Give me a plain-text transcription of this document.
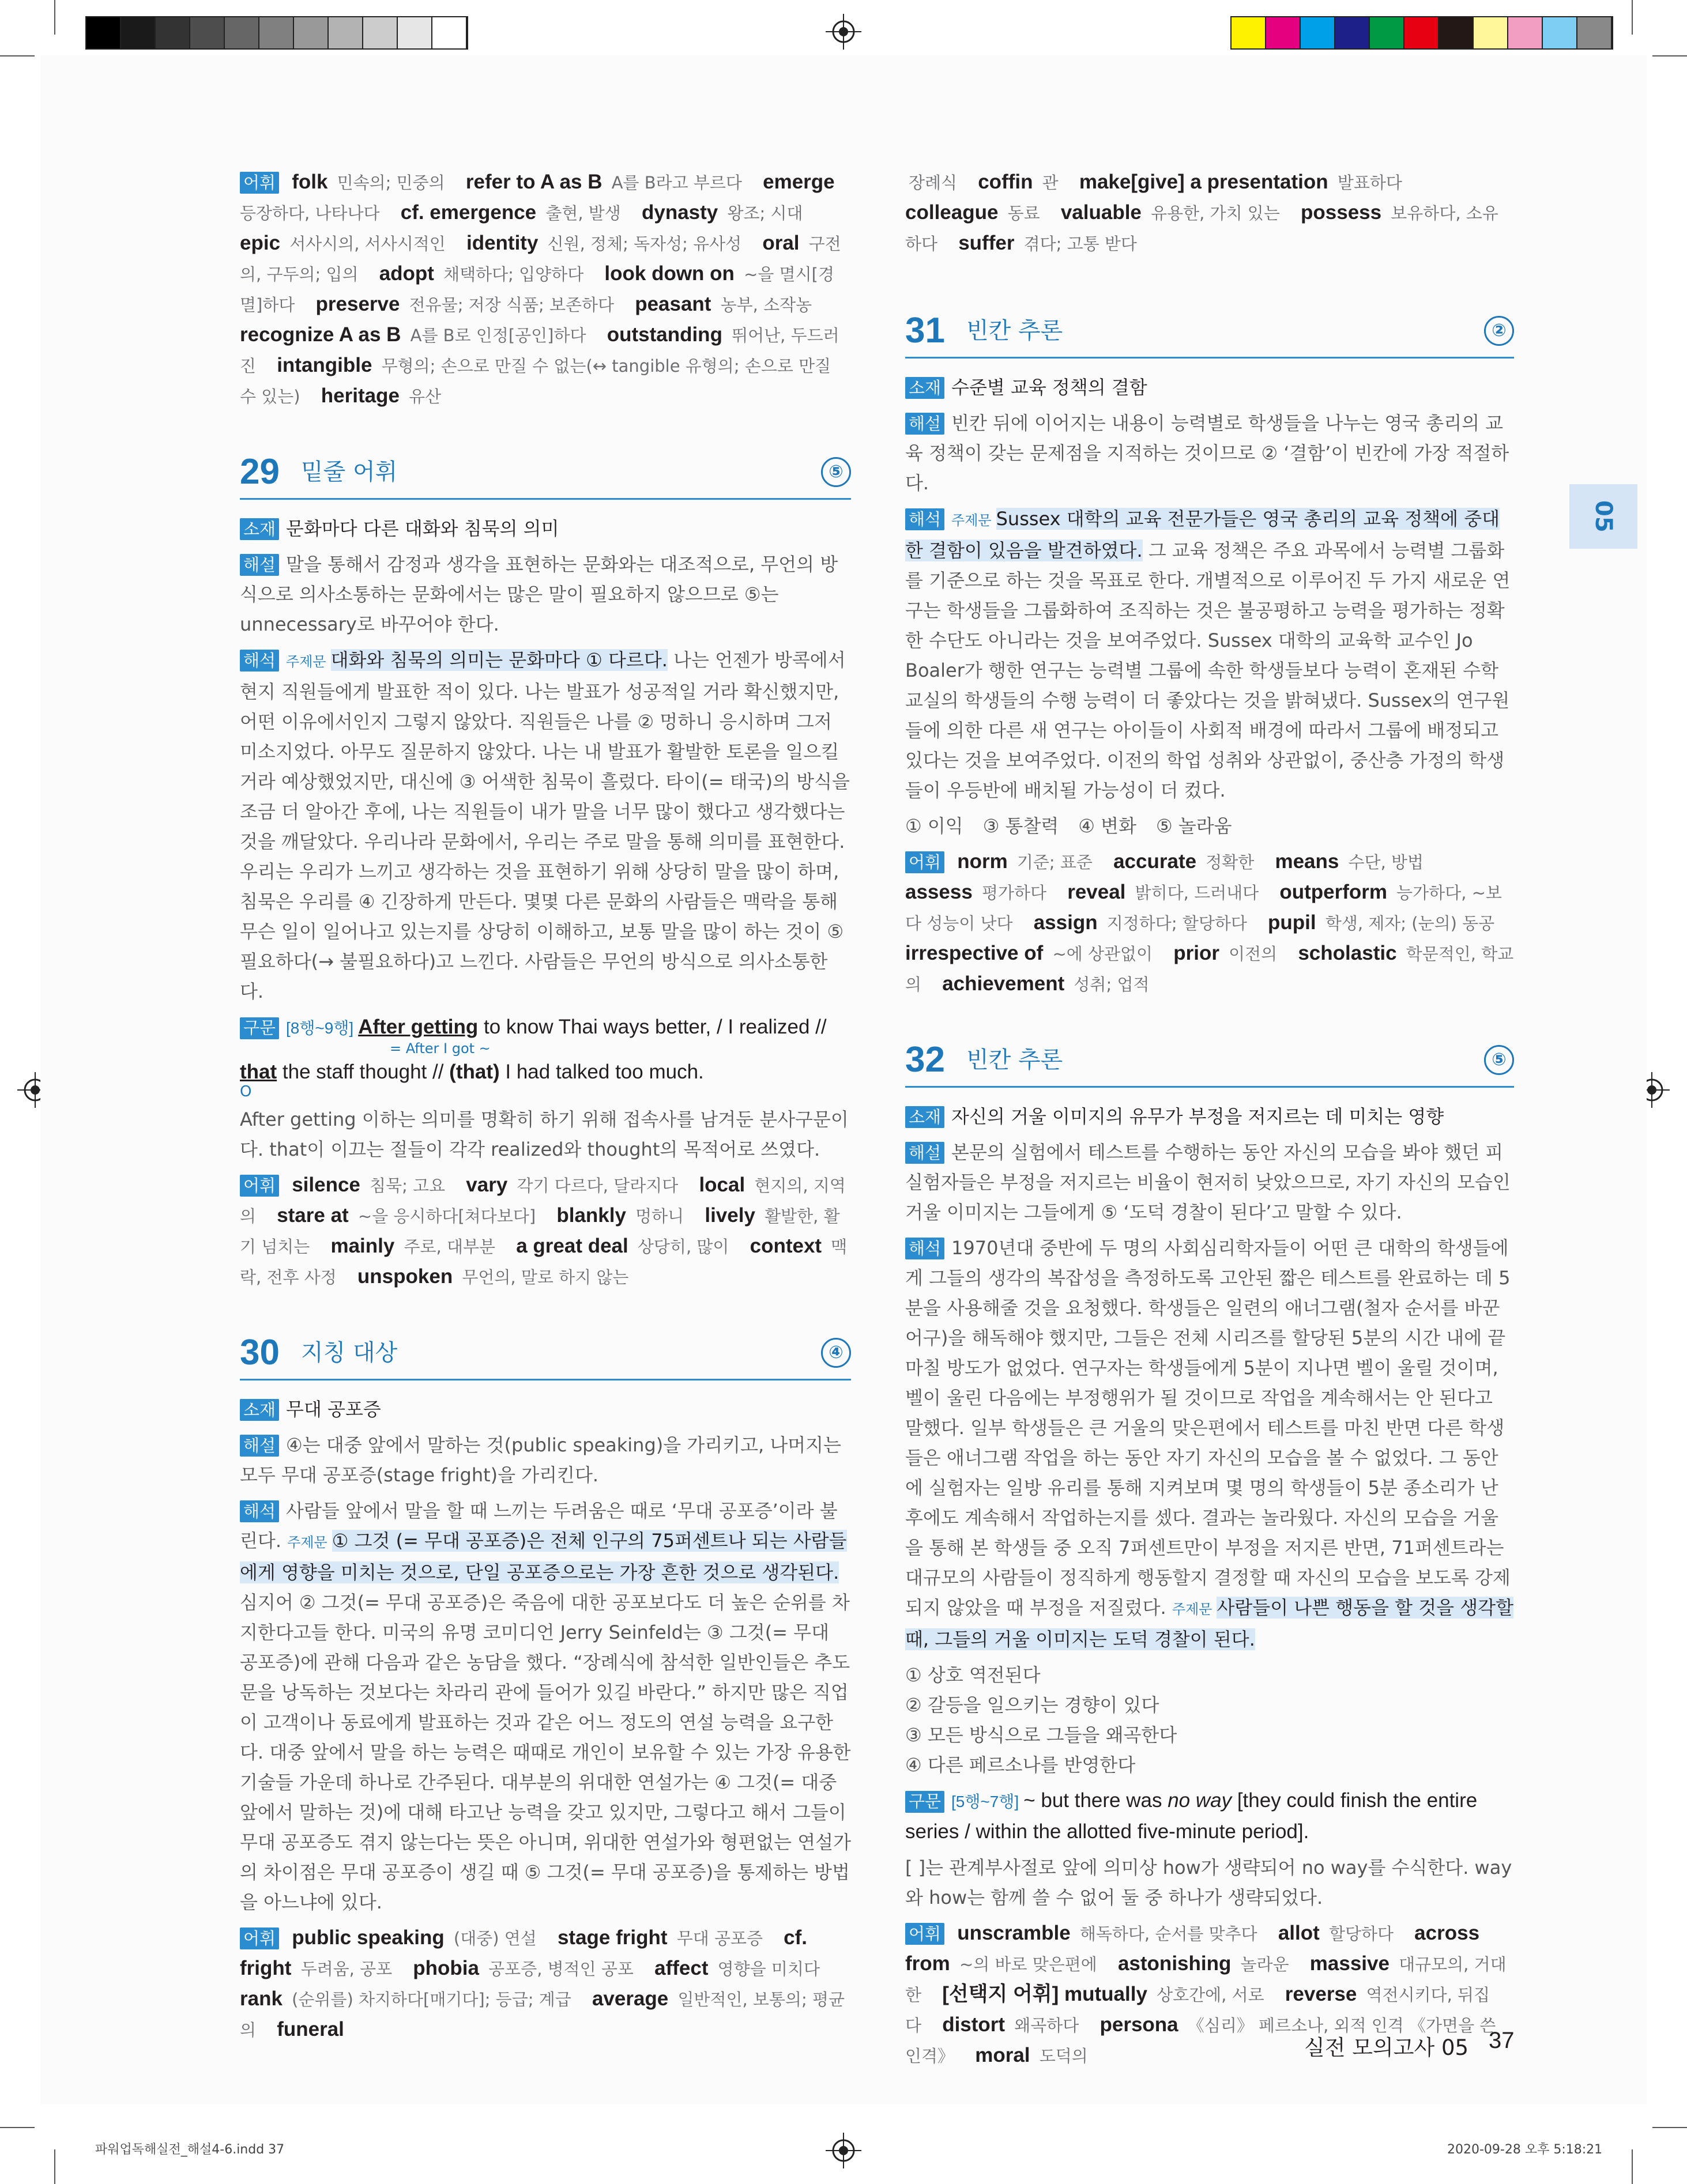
05

어휘 folk 민속의; 민중의 refer to A as B A를 B라고 부르다 emerge 등장하다, 나타나다 cf. emergence 출현, 발생 dynasty 왕조; 시대 epic 서사시의, 서사시적인 identity 신원, 정체; 독자성; 유사성 oral 구전의, 구두의; 입의 adopt 채택하다; 입양하다 look down on ~을 멸시[경멸]하다 preserve 전유물; 저장 식품; 보존하다 peasant 농부, 소작농 recognize A as B A를 B로 인정[공인]하다 outstanding 뛰어난, 두드러진 intangible 무형의; 손으로 만질 수 없는(↔ tangible 유형의; 손으로 만질 수 있는) heritage 유산

29 밑줄 어휘	⑤

소재 문화마다 다른 대화와 침묵의 의미

해설 말을 통해서 감정과 생각을 표현하는 문화와는 대조적으로, 무언의 방식으로 의사소통하는 문화에서는 많은 말이 필요하지 않으므로 ⑤는 unnecessary로 바꾸어야 한다.

해석 주제문 대화와 침묵의 의미는 문화마다 ① 다르다. 나는 언젠가 방콕에서 현지 직원들에게 발표한 적이 있다. 나는 발표가 성공적일 거라 확신했지만, 어떤 이유에서인지 그렇지 않았다. 직원들은 나를 ② 멍하니 응시하며 그저 미소지었다. 아무도 질문하지 않았다. 나는 내 발표가 활발한 토론을 일으킬 거라 예상했었지만, 대신에 ③ 어색한 침묵이 흘렀다. 타이(= 태국)의 방식을 조금 더 알아간 후에, 나는 직원들이 내가 말을 너무 많이 했다고 생각했다는 것을 깨달았다. 우리나라 문화에서, 우리는 주로 말을 통해 의미를 표현한다. 우리는 우리가 느끼고 생각하는 것을 표현하기 위해 상당히 말을 많이 하며, 침묵은 우리를 ④ 긴장하게 만든다. 몇몇 다른 문화의 사람들은 맥락을 통해 무슨 일이 일어나고 있는지를 상당히 이해하고, 보통 말을 많이 하는 것이 ⑤ 필요하다(→ 불필요하다)고 느낀다. 사람들은 무언의 방식으로 의사소통한다.

구문 [8행~9행] After getting to know Thai ways better, / I realized //

= After I got ~

that the staff thought // (that) I had talked too much.

O

After getting 이하는 의미를 명확히 하기 위해 접속사를 남겨둔 분사구문이다. that이 이끄는 절들이 각각 realized와 thought의 목적어로 쓰였다.

어휘 silence 침묵; 고요 vary 각기 다르다, 달라지다 local 현지의, 지역의 stare at ~을 응시하다[쳐다보다] blankly 멍하니 lively 활발한, 활기 넘치는 mainly 주로, 대부분 a great deal 상당히, 많이 context 맥락, 전후 사정 unspoken 무언의, 말로 하지 않는

30 지칭 대상	④

소재 무대 공포증

해설 ④는 대중 앞에서 말하는 것(public speaking)을 가리키고, 나머지는 모두 무대 공포증(stage fright)을 가리킨다.

해석 사람들 앞에서 말을 할 때 느끼는 두려움은 때로 ‘무대 공포증’이라 불린다. 주제문 ① 그것 (= 무대 공포증)은 전체 인구의 75퍼센트나 되는 사람들에게 영향을 미치는 것으로, 단일 공포증으로는 가장 흔한 것으로 생각된다. 심지어 ② 그것(= 무대 공포증)은 죽음에 대한 공포보다도 더 높은 순위를 차지한다고들 한다. 미국의 유명 코미디언 Jerry Seinfeld는 ③ 그것(= 무대 공포증)에 관해 다음과 같은 농담을 했다. “장례식에 참석한 일반인들은 추도문을 낭독하는 것보다는 차라리 관에 들어가 있길 바란다.” 하지만 많은 직업이 고객이나 동료에게 발표하는 것과 같은 어느 정도의 연설 능력을 요구한다. 대중 앞에서 말을 하는 능력은 때때로 개인이 보유할 수 있는 가장 유용한 기술들 가운데 하나로 간주된다. 대부분의 위대한 연설가는 ④ 그것(= 대중 앞에서 말하는 것)에 대해 타고난 능력을 갖고 있지만, 그렇다고 해서 그들이 무대 공포증도 겪지 않는다는 뜻은 아니며, 위대한 연설가와 형편없는 연설가의 차이점은 무대 공포증이 생길 때 ⑤ 그것(= 무대 공포증)을 통제하는 방법을 아느냐에 있다.

어휘 public speaking (대중) 연설 stage fright 무대 공포증 cf. fright 두려움, 공포 phobia 공포증, 병적인 공포 affect 영향을 미치다 rank (순위를) 차지하다[매기다]; 등급; 계급 average 일반적인, 보통의; 평균의 funeral

장례식 coffin 관 make[give] a presentation 발표하다 colleague 동료 valuable 유용한, 가치 있는 possess 보유하다, 소유하다 suffer 겪다; 고통 받다

31 빈칸 추론	②

소재 수준별 교육 정책의 결함

해설 빈칸 뒤에 이어지는 내용이 능력별로 학생들을 나누는 영국 총리의 교육 정책이 갖는 문제점을 지적하는 것이므로 ② ‘결함’이 빈칸에 가장 적절하다.

해석 주제문 Sussex 대학의 교육 전문가들은 영국 총리의 교육 정책에 중대한 결함이 있음을 발견하였다. 그 교육 정책은 주요 과목에서 능력별 그룹화를 기준으로 하는 것을 목표로 한다. 개별적으로 이루어진 두 가지 새로운 연구는 학생들을 그룹화하여 조직하는 것은 불공평하고 능력을 평가하는 정확한 수단도 아니라는 것을 보여주었다. Sussex 대학의 교육학 교수인 Jo Boaler가 행한 연구는 능력별 그룹에 속한 학생들보다 능력이 혼재된 수학 교실의 학생들의 수행 능력이 더 좋았다는 것을 밝혀냈다. Sussex의 연구원들에 의한 다른 새 연구는 아이들이 사회적 배경에 따라서 그룹에 배정되고 있다는 것을 보여주었다. 이전의 학업 성취와 상관없이, 중산층 가정의 학생들이 우등반에 배치될 가능성이 더 컸다.

① 이익 ③ 통찰력 ④ 변화 ⑤ 놀라움

어휘 norm 기준; 표준 accurate 정확한 means 수단, 방법 assess 평가하다 reveal 밝히다, 드러내다 outperform 능가하다, ~보다 성능이 낫다 assign 지정하다; 할당하다 pupil 학생, 제자; (눈의) 동공 irrespective of ~에 상관없이 prior 이전의 scholastic 학문적인, 학교의 achievement 성취; 업적

32 빈칸 추론	⑤

소재 자신의 거울 이미지의 유무가 부정을 저지르는 데 미치는 영향

해설 본문의 실험에서 테스트를 수행하는 동안 자신의 모습을 봐야 했던 피실험자들은 부정을 저지르는 비율이 현저히 낮았으므로, 자기 자신의 모습인 거울 이미지는 그들에게 ⑤ ‘도덕 경찰이 된다’고 말할 수 있다.

해석 1970년대 중반에 두 명의 사회심리학자들이 어떤 큰 대학의 학생들에게 그들의 생각의 복잡성을 측정하도록 고안된 짧은 테스트를 완료하는 데 5분을 사용해줄 것을 요청했다. 학생들은 일련의 애너그램(철자 순서를 바꾼 어구)을 해독해야 했지만, 그들은 전체 시리즈를 할당된 5분의 시간 내에 끝마칠 방도가 없었다. 연구자는 학생들에게 5분이 지나면 벨이 울릴 것이며, 벨이 울린 다음에는 부정행위가 될 것이므로 작업을 계속해서는 안 된다고 말했다. 일부 학생들은 큰 거울의 맞은편에서 테스트를 마친 반면 다른 학생들은 애너그램 작업을 하는 동안 자기 자신의 모습을 볼 수 없었다. 그 동안에 실험자는 일방 유리를 통해 지켜보며 몇 명의 학생들이 5분 종소리가 난 후에도 계속해서 작업하는지를 셌다. 결과는 놀라웠다. 자신의 모습을 거울을 통해 본 학생들 중 오직 7퍼센트만이 부정을 저지른 반면, 71퍼센트라는 대규모의 사람들이 정직하게 행동할지 결정할 때 자신의 모습을 보도록 강제되지 않았을 때 부정을 저질렀다. 주제문 사람들이 나쁜 행동을 할 것을 생각할 때, 그들의 거울 이미지는 도덕 경찰이 된다.

① 상호 역전된다
② 갈등을 일으키는 경향이 있다
③ 모든 방식으로 그들을 왜곡한다
④ 다른 페르소나를 반영한다

구문 [5행~7행] ~ but there was no way [they could finish the entire series / within the allotted five-minute period].

[ ]는 관계부사절로 앞에 의미상 how가 생략되어 no way를 수식한다. way와 how는 함께 쓸 수 없어 둘 중 하나가 생략되었다.

어휘 unscramble 해독하다, 순서를 맞추다 allot 할당하다 across from ~의 바로 맞은편에 astonishing 놀라운 massive 대규모의, 거대한 [선택지 어휘] mutually 상호간에, 서로 reverse 역전시키다, 뒤집다 distort 왜곡하다 persona 《심리》 페르소나, 외적 인격 《가면을 쓴 인격》 moral 도덕의	실전 모의고사 05 37
파워업독해실전_해설4-6.indd 37	2020-09-28 오후 5:18:21
